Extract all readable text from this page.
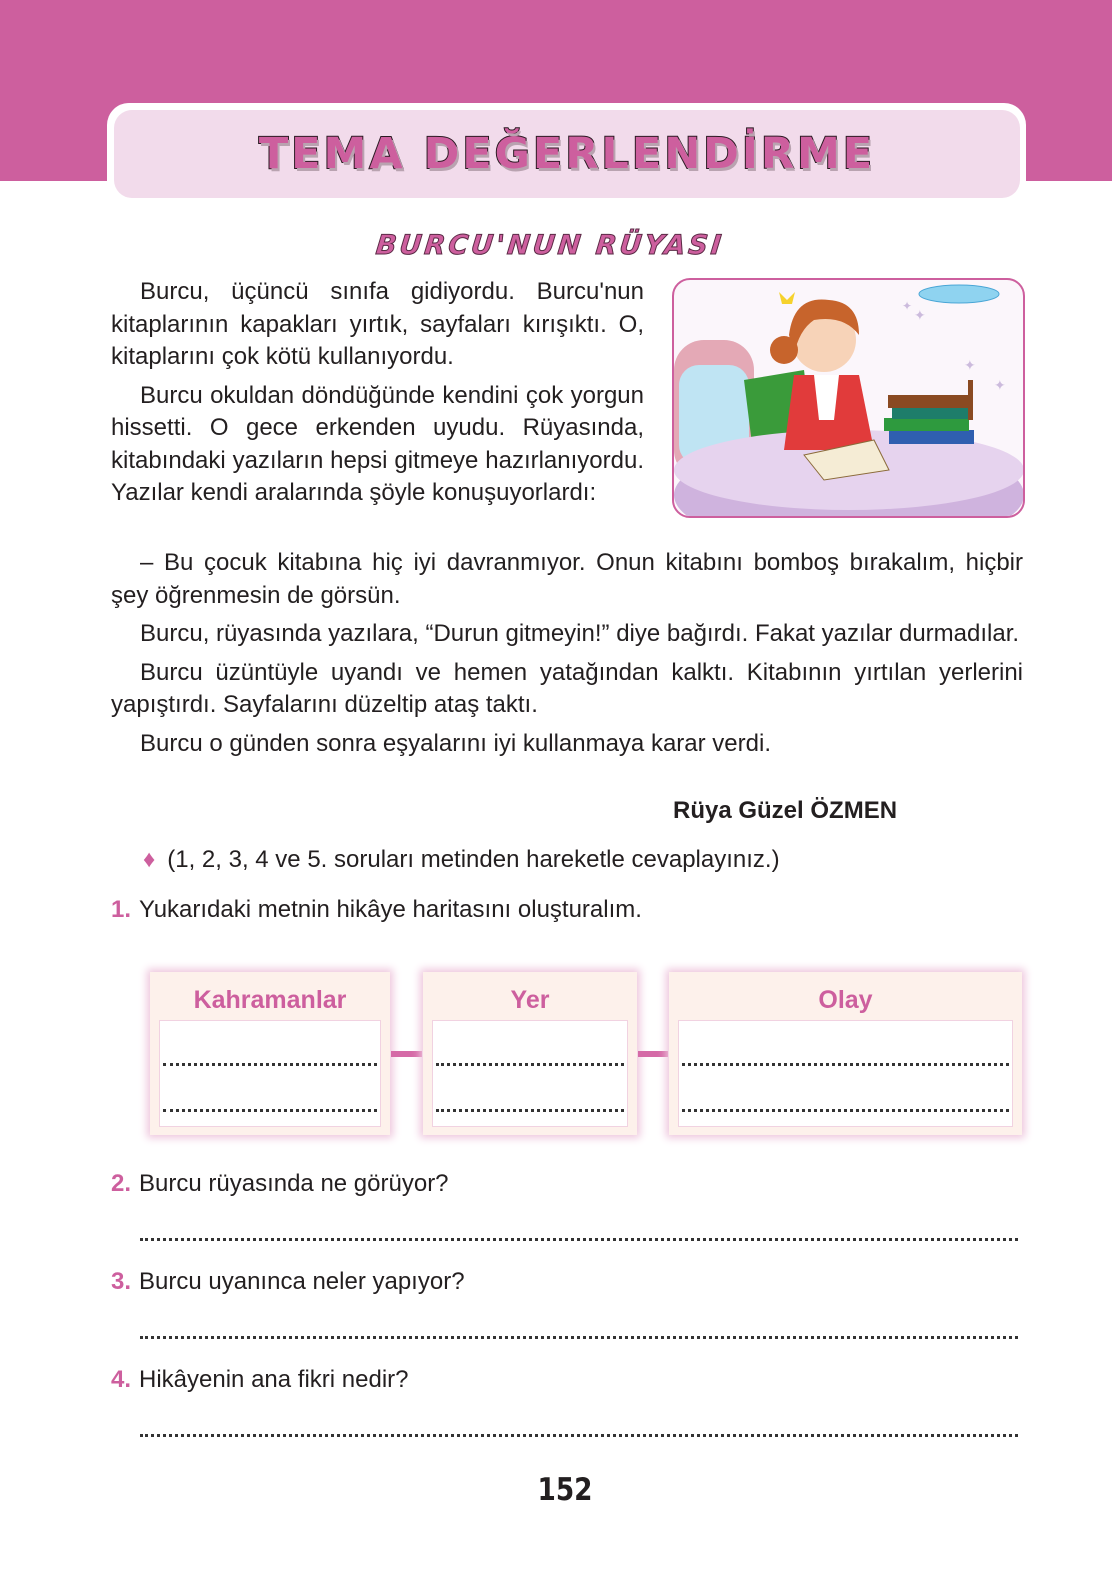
TEMA DEĞERLENDİRME
BURCU'NUN RÜYASI

Burcu, üçüncü sınıfa gidiyordu. Burcu'nun kitaplarının kapakları yırtık, sayfaları kırışıktı. O, kitaplarını çok kötü kullanıyordu.

Burcu okuldan döndüğünde kendini çok yorgun hissetti. O gece erkenden uyudu. Rüyasında, kitabındaki yazıların hepsi gitmeye hazırlanıyordu. Yazılar kendi aralarında şöyle konuşuyorlardı:

✦
✦
✦
✦

– Bu çocuk kitabına hiç iyi davranmıyor. Onun kitabını bomboş bırakalım, hiçbir şey öğrenmesin de görsün.

Burcu, rüyasında yazılara, “Durun gitmeyin!” diye bağırdı. Fakat yazılar durmadılar.

Burcu üzüntüyle uyandı ve hemen yatağından kalktı. Kitabının yırtılan yerlerini yapıştırdı. Sayfalarını düzeltip ataş taktı.

Burcu o günden sonra eşyalarını iyi kullanmaya karar verdi.

Rüya Güzel ÖZMEN
♦ (1, 2, 3, 4 ve 5. soruları metinden hareketle cevaplayınız.)
1. Yukarıdaki metnin hikâye haritasını oluşturalım.
Kahramanlar	Yer	Olay
2. Burcu rüyasında ne görüyor?
3. Burcu uyanınca neler yapıyor?
4. Hikâyenin ana fikri nedir?
152
